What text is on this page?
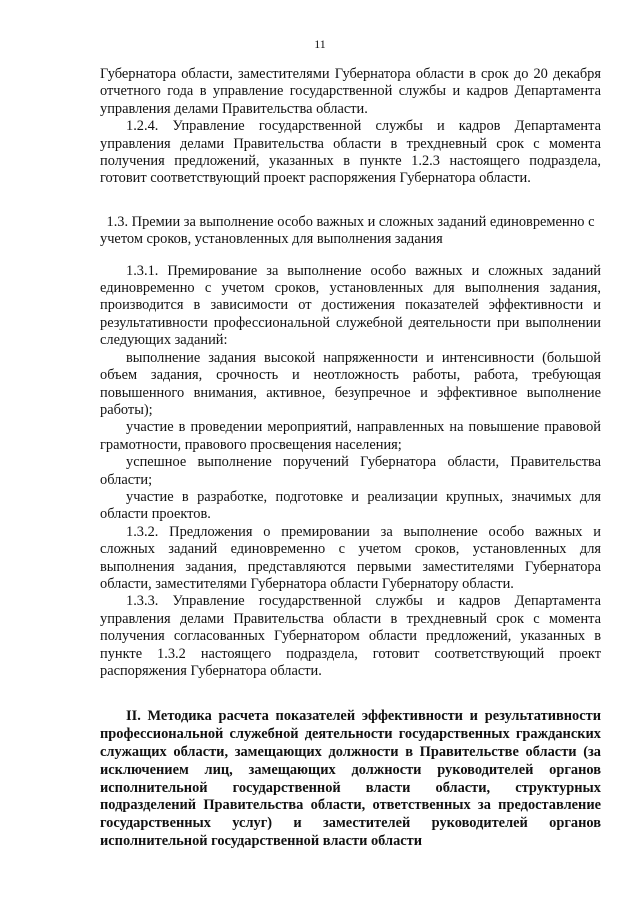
11

Губернатора области, заместителями Губернатора области в срок до 20 декабря отчетного года в управление государственной службы и кадров Департамента управления делами Правительства области.

1.2.4. Управление государственной службы и кадров Департамента управления делами Правительства области в трехдневный срок с момента получения предложений, указанных в пункте 1.2.3 настоящего подраздела, готовит соответствующий проект распоряжения Губернатора области.

1.3. Премии за выполнение особо важных и сложных заданий единовременно с учетом сроков, установленных для выполнения задания

1.3.1. Премирование за выполнение особо важных и сложных заданий единовременно с учетом сроков, установленных для выполнения задания, производится в зависимости от достижения показателей эффективности и результативности профессиональной служебной деятельности при выполнении следующих заданий:

выполнение задания высокой напряженности и интенсивности (большой объем задания, срочность и неотложность работы, работа, требующая повышенного внимания, активное, безупречное и эффективное выполнение работы);

участие в проведении мероприятий, направленных на повышение правовой грамотности, правового просвещения населения;

успешное выполнение поручений Губернатора области, Правительства области;

участие в разработке, подготовке и реализации крупных, значимых для области проектов.

1.3.2. Предложения о премировании за выполнение особо важных и сложных заданий единовременно с учетом сроков, установленных для выполнения задания, представляются первыми заместителями Губернатора области, заместителями Губернатора области Губернатору области.

1.3.3. Управление государственной службы и кадров Департамента управления делами Правительства области в трехдневный срок с момента получения согласованных Губернатором области предложений, указанных в пункте 1.3.2 настоящего подраздела, готовит соответствующий проект распоряжения Губернатора области.

II. Методика расчета показателей эффективности и результативности профессиональной служебной деятельности государственных гражданских служащих области, замещающих должности в Правительстве области (за исключением лиц, замещающих должности руководителей органов исполнительной государственной власти области, структурных подразделений Правительства области, ответственных за предоставление государственных услуг) и заместителей руководителей органов исполнительной государственной власти области
